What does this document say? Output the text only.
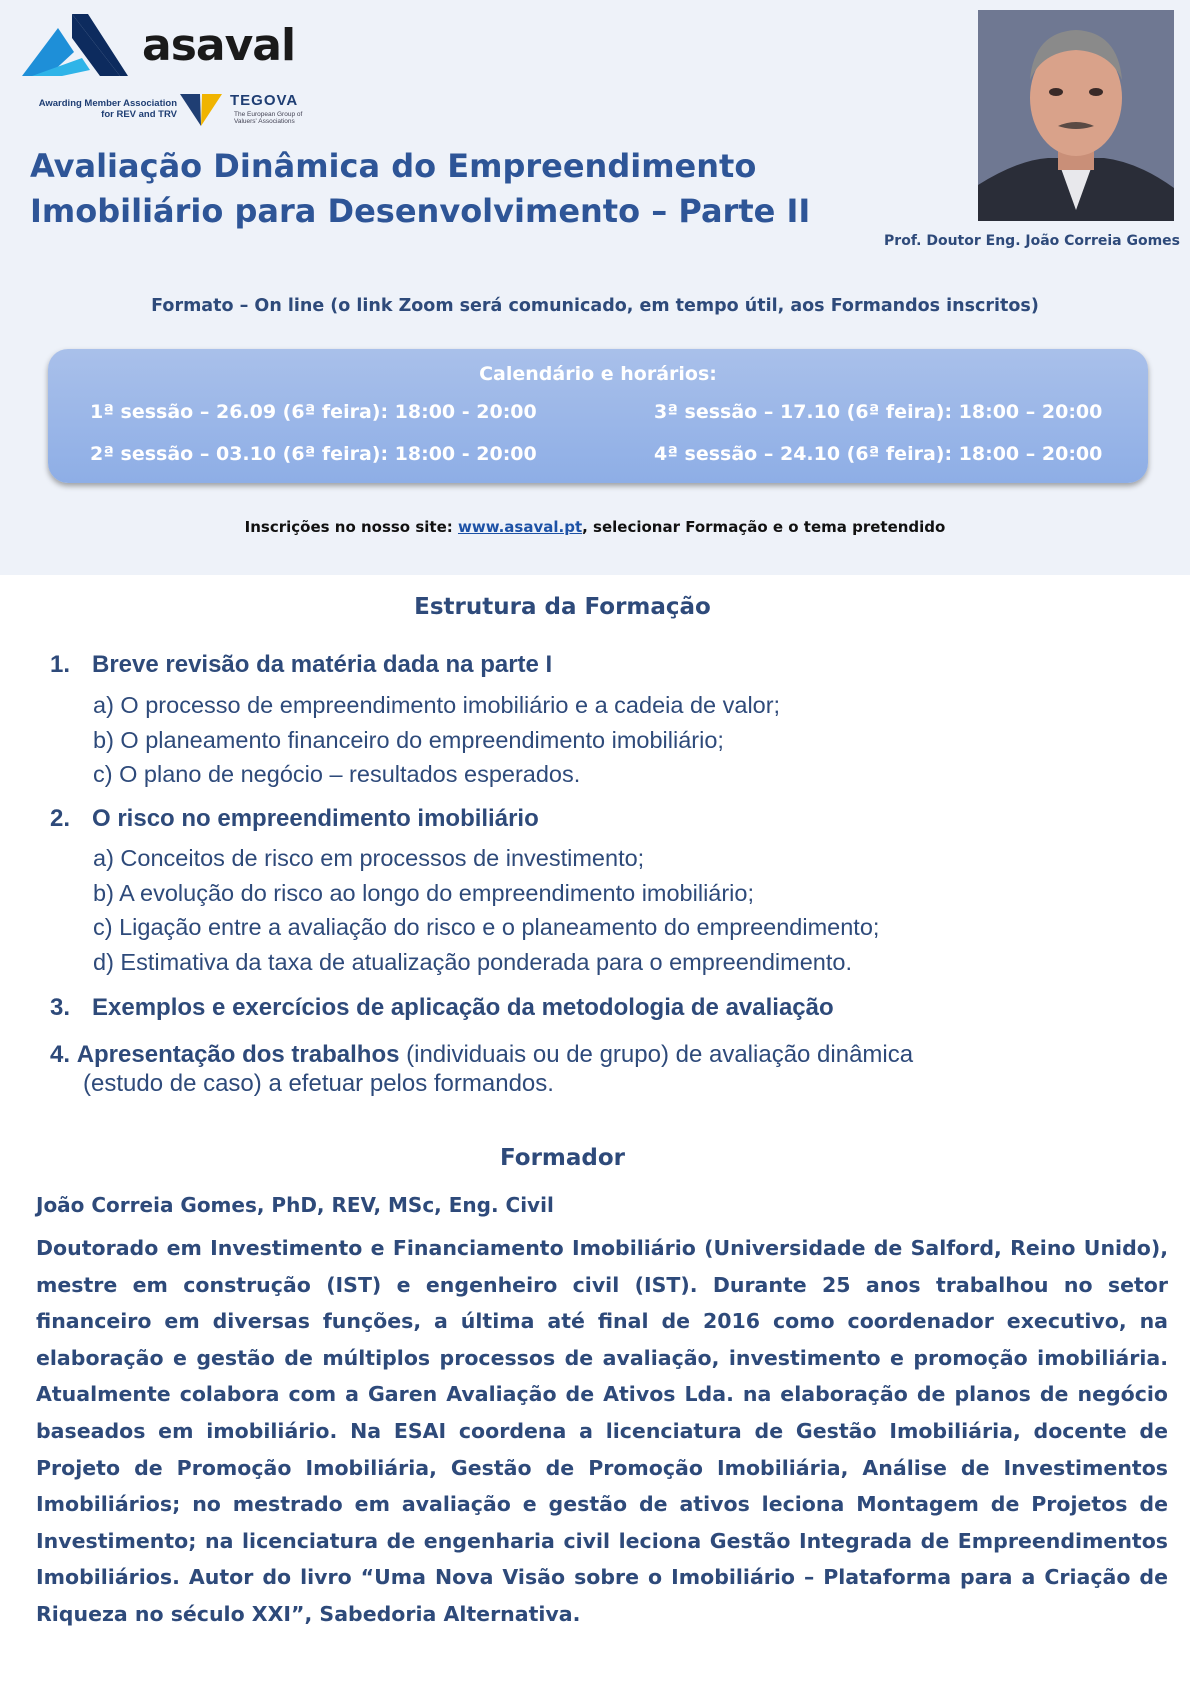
asaval
Awarding Member Association
for REV and TRV
TEGOVA
The European Group of Valuers' Associations
Avaliação Dinâmica do Empreendimento
Imobiliário para Desenvolvimento – Parte II
Prof. Doutor Eng. João Correia Gomes
Formato – On line (o link Zoom será comunicado, em tempo útil, aos Formandos inscritos)
Calendário e horários:
1ª sessão – 26.09 (6ª feira): 18:00 - 20:00
2ª sessão – 03.10 (6ª feira): 18:00 - 20:00
3ª sessão – 17.10 (6ª feira): 18:00 – 20:00
4ª sessão – 24.10 (6ª feira): 18:00 – 20:00
Inscrições no nosso site: www.asaval.pt, selecionar Formação e o tema pretendido
Estrutura da Formação
1. Breve revisão da matéria dada na parte I
a) O processo de empreendimento imobiliário e a cadeia de valor;
b) O planeamento financeiro do empreendimento imobiliário;
c) O plano de negócio – resultados esperados.
2. O risco no empreendimento imobiliário
a) Conceitos de risco em processos de investimento;
b) A evolução do risco ao longo do empreendimento imobiliário;
c) Ligação entre a avaliação do risco e o planeamento do empreendimento;
d) Estimativa da taxa de atualização ponderada para o empreendimento.
3. Exemplos e exercícios de aplicação da metodologia de avaliação
4. Apresentação dos trabalhos (individuais ou de grupo) de avaliação dinâmica
(estudo de caso) a efetuar pelos formandos.
Formador
João Correia Gomes, PhD, REV, MSc, Eng. Civil
Doutorado em Investimento e Financiamento Imobiliário (Universidade de Salford, Reino Unido), mestre em construção (IST) e engenheiro civil (IST). Durante 25 anos trabalhou no setor financeiro em diversas funções, a última até final de 2016 como coordenador executivo, na elaboração e gestão de múltiplos processos de avaliação, investimento e promoção imobiliária. Atualmente colabora com a Garen Avaliação de Ativos Lda. na elaboração de planos de negócio baseados em imobiliário. Na ESAI coordena a licenciatura de Gestão Imobiliária, docente de Projeto de Promoção Imobiliária, Gestão de Promoção Imobiliária, Análise de Investimentos Imobiliários; no mestrado em avaliação e gestão de ativos leciona Montagem de Projetos de Investimento; na licenciatura de engenharia civil leciona Gestão Integrada de Empreendimentos Imobiliários. Autor do livro “Uma Nova Visão sobre o Imobiliário – Plataforma para a Criação de Riqueza no século XXI”, Sabedoria Alternativa.
